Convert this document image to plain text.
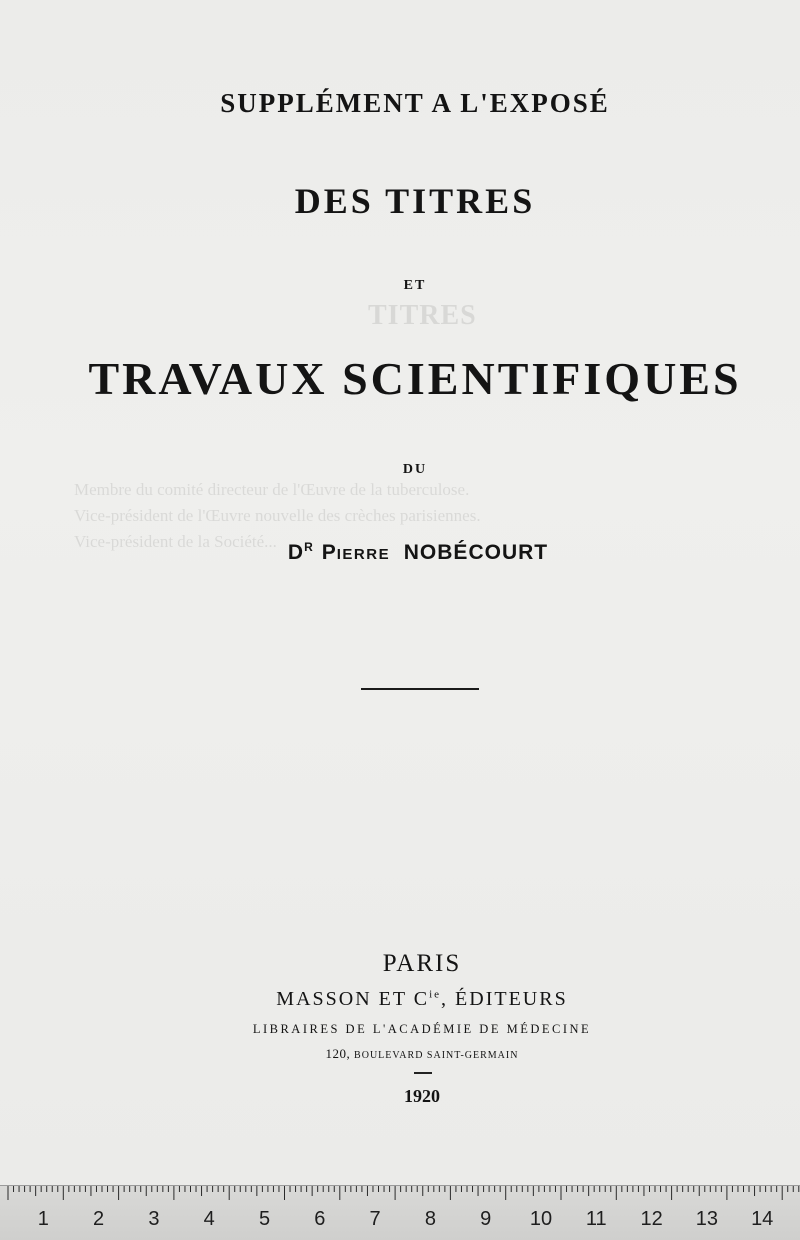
TITRES
Membre du comité directeur de l'Œuvre de la tuberculose.
Vice-président de l'Œuvre nouvelle des crèches parisiennes.
Vice-président de la Société...
SUPPLÉMENT A L'EXPOSÉ
DES TITRES
ET
TRAVAUX SCIENTIFIQUES
DU
$D^R$ PIERRE NOBÉCOURT
PARIS
MASSON ET $C^{ie}$, ÉDITEURS
LIBRAIRES DE L'ACADÉMIE DE MÉDECINE
120, BOULEVARD SAINT-GERMAIN
1920
1 2 3 4 5 6 7 8 9 10 11 12 13 14
